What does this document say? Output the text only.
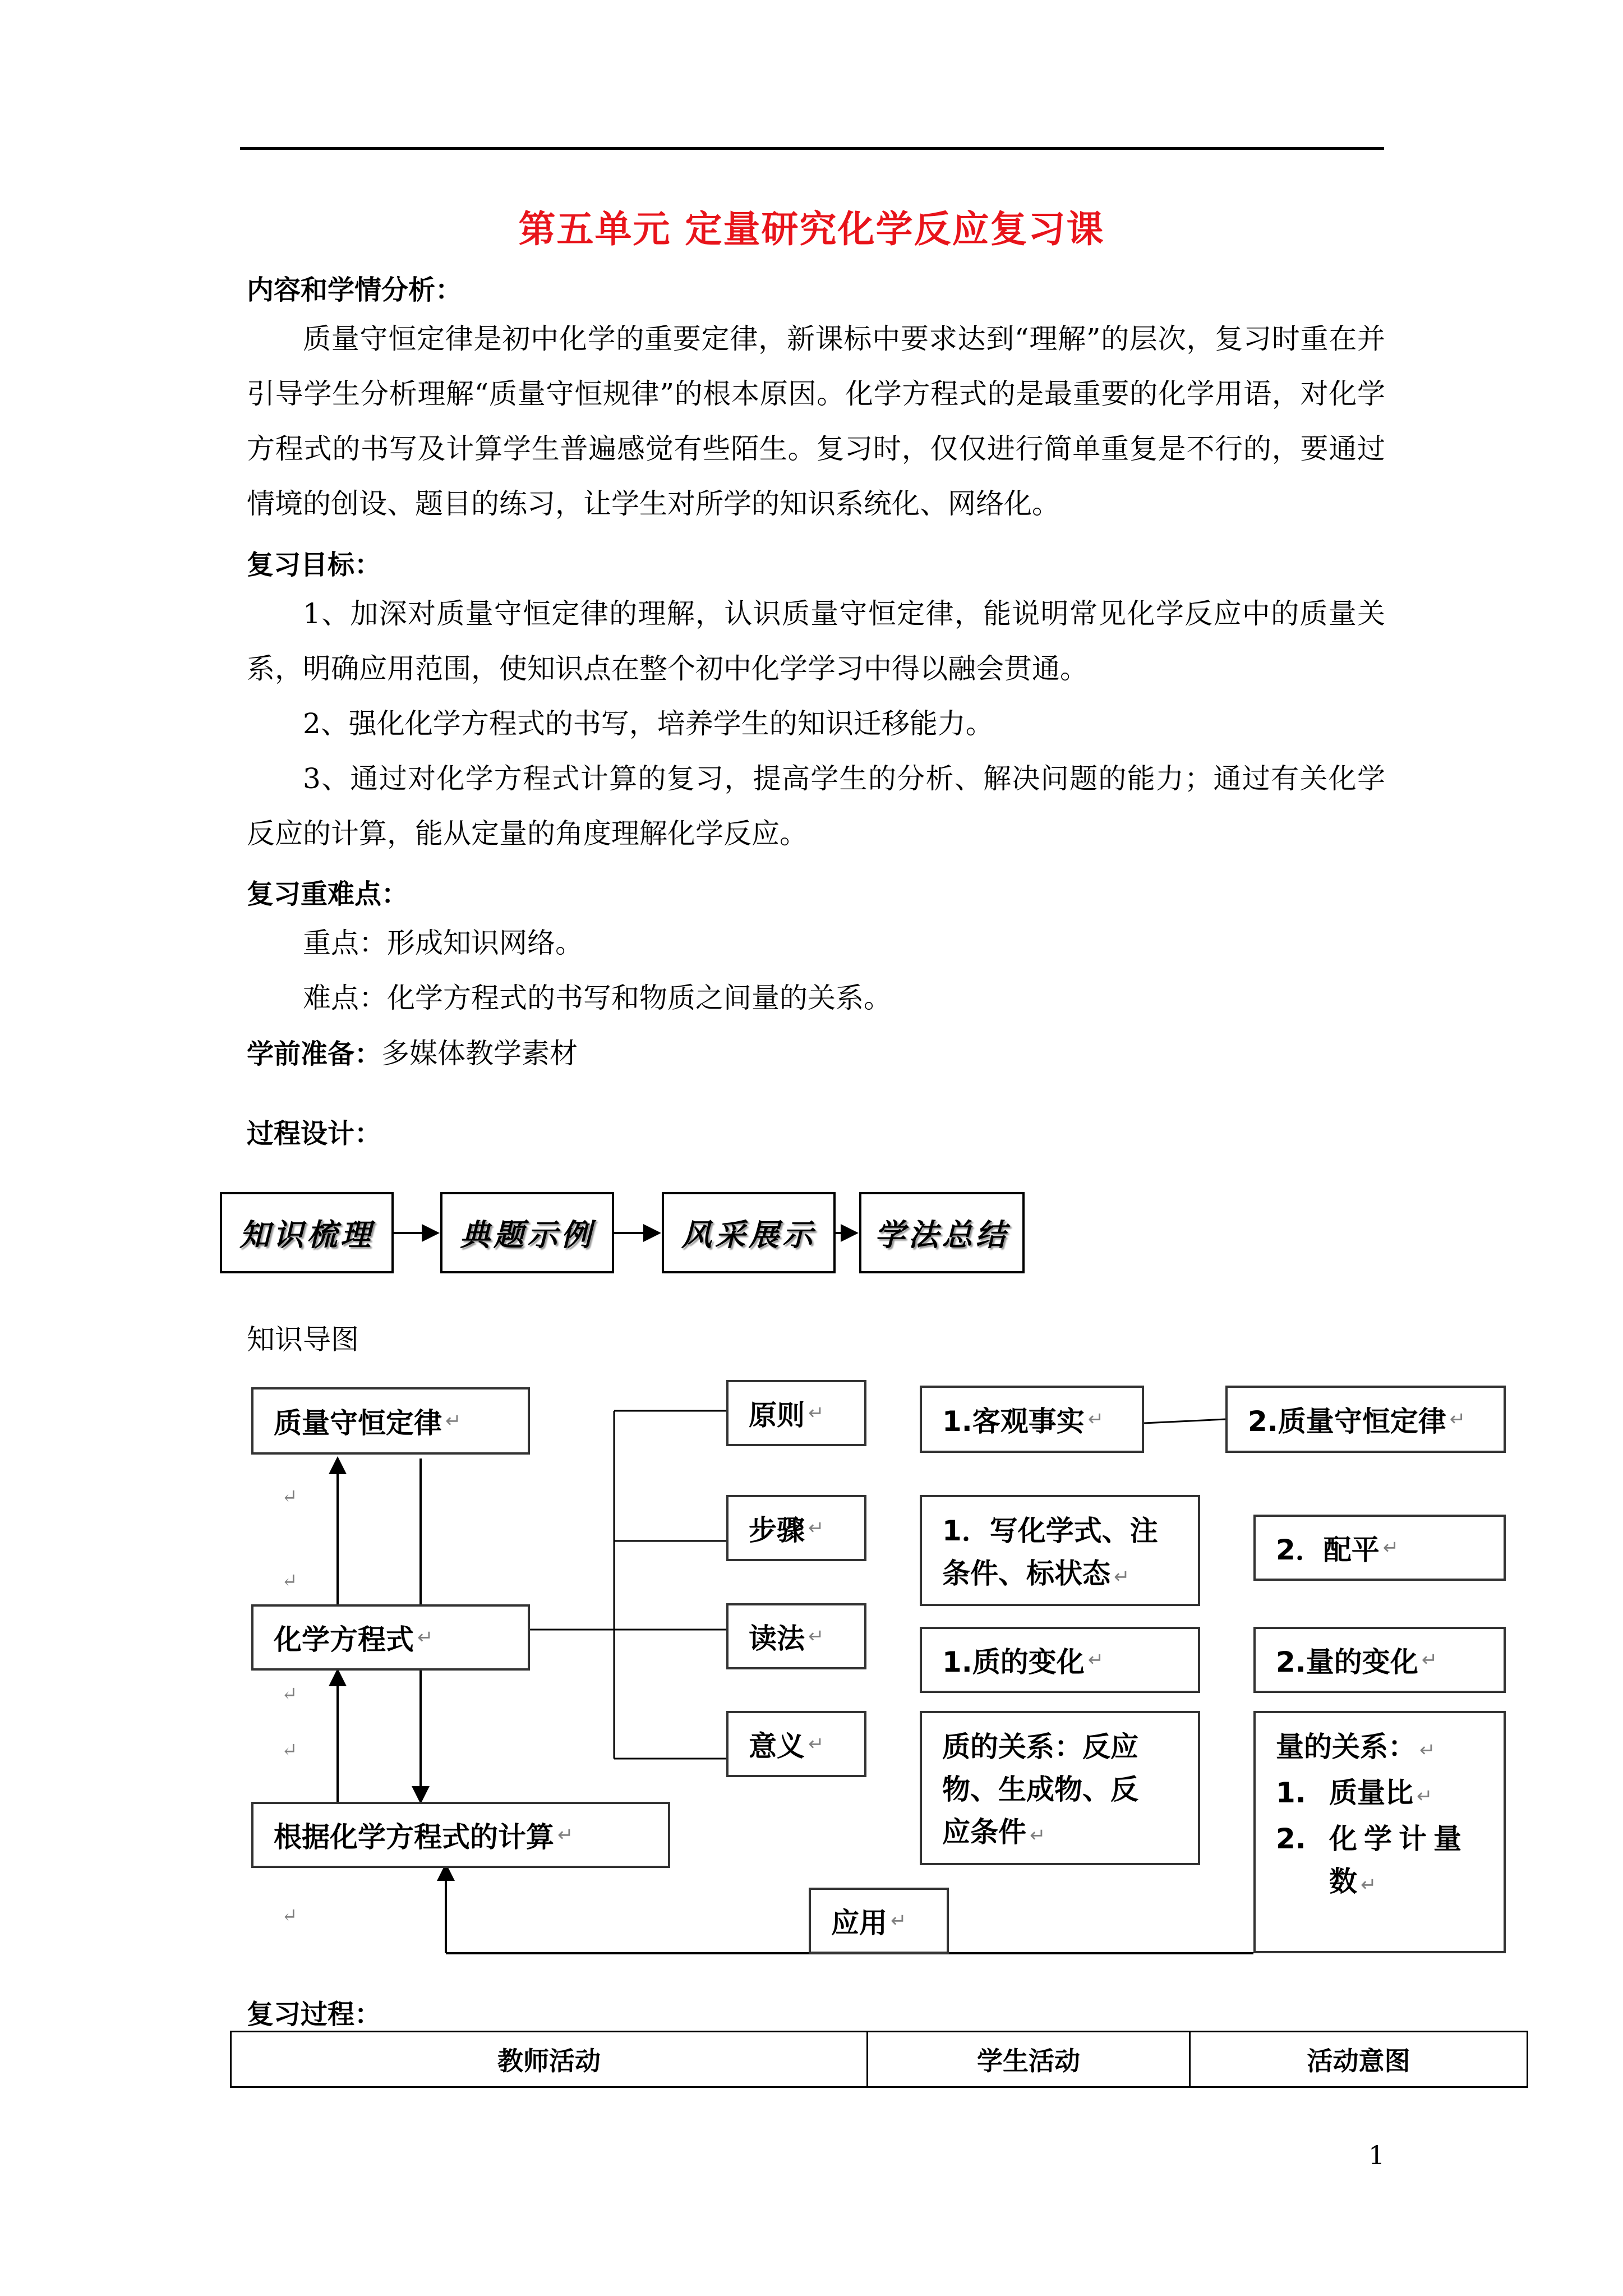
第五单元 定量研究化学反应复习课
内容和学情分析：
质量守恒定律是初中化学的重要定律，新课标中要求达到“理解”的层次，复习时重在并引导学生分析理解“质量守恒规律”的根本原因。化学方程式的是最重要的化学用语，对化学方程式的书写及计算学生普遍感觉有些陌生。复习时，仅仅进行简单重复是不行的，要通过情境的创设、题目的练习，让学生对所学的知识系统化、网络化。
复习目标：
1、加深对质量守恒定律的理解，认识质量守恒定律，能说明常见化学反应中的质量关系，明确应用范围，使知识点在整个初中化学学习中得以融会贯通。
2、强化化学方程式的书写，培养学生的知识迁移能力。
3、通过对化学方程式计算的复习，提高学生的分析、解决问题的能力；通过有关化学反应的计算，能从定量的角度理解化学反应。
复习重难点：
重点：形成知识网络。
难点：化学方程式的书写和物质之间量的关系。
学前准备：多媒体教学素材
过程设计：
知识梳理	典题示例	风采展示	学法总结
知识导图
质量守恒定律 ↵
化学方程式 ↵
根据化学方程式的计算 ↵
↵
↵
↵
↵
↵
原则 ↵
步骤 ↵
读法 ↵
意义 ↵
1.客观事实 ↵	2.质量守恒定律 ↵
1．写化学式、注
条件、标状态 ↵
2．配平 ↵
1.质的变化 ↵	2.量的变化 ↵
质的关系：反应
物、生成物、反
应条件 ↵
量的关系： ↵
1. 质量比 ↵
2. 化学计量
数 ↵
应用 ↵
复习过程：
教师活动	学生活动	活动意图
1
